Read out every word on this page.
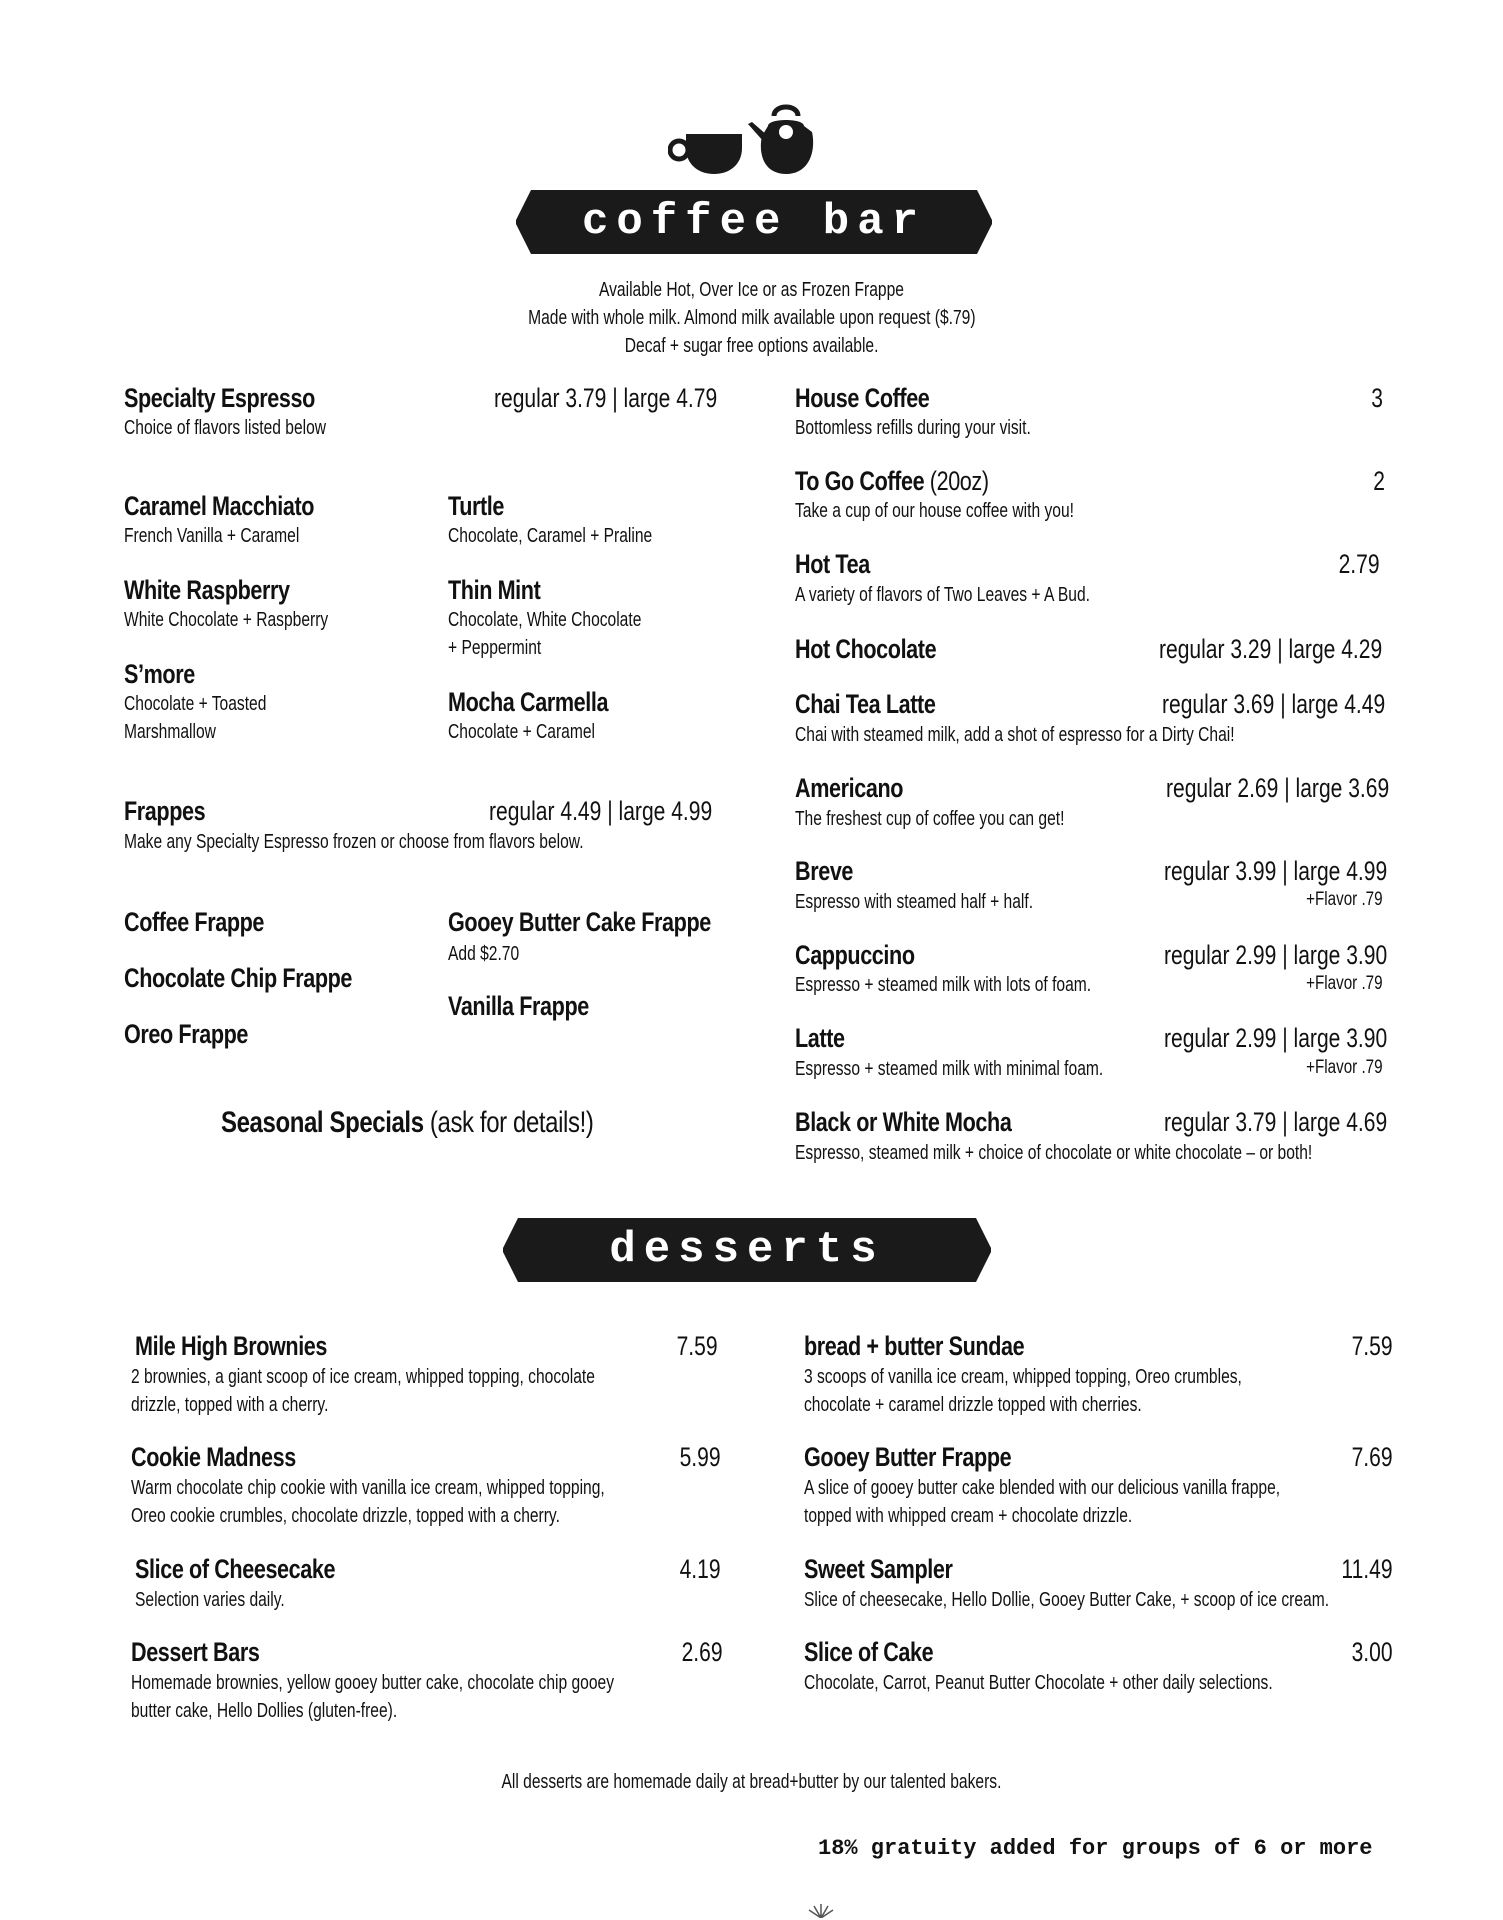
coffee bar
Available Hot, Over Ice or as Frozen Frappe
Made with whole milk. Almond milk available upon request ($.79)
Decaf + sugar free options available.
Specialty Espresso	regular 3.79 | large 4.79
Choice of flavors listed below
Caramel Macchiato
French Vanilla + Caramel
Turtle
Chocolate, Caramel + Praline
White Raspberry
White Chocolate + Raspberry
Thin Mint
Chocolate, White Chocolate
+ Peppermint
S’more
Chocolate + Toasted
Marshmallow
Mocha Carmella
Chocolate + Caramel
Frappes	regular 4.49 | large 4.99
Make any Specialty Espresso frozen or choose from flavors below.
Coffee Frappe
Chocolate Chip Frappe
Oreo Frappe
Gooey Butter Cake Frappe
Add $2.70
Vanilla Frappe
Seasonal Specials (ask for details!)
House Coffee	3
Bottomless refills during your visit.
To Go Coffee (20oz)	2
Take a cup of our house coffee with you!
Hot Tea	2.79
A variety of flavors of Two Leaves + A Bud.
Hot Chocolate	regular 3.29 | large 4.29
Chai Tea Latte	regular 3.69 | large 4.49
Chai with steamed milk, add a shot of espresso for a Dirty Chai!
Americano	regular 2.69 | large 3.69
The freshest cup of coffee you can get!
Breve	regular 3.99 | large 4.99
Espresso with steamed half + half.	+Flavor .79
Cappuccino	regular 2.99 | large 3.90
Espresso + steamed milk with lots of foam.	+Flavor .79
Latte	regular 2.99 | large 3.90
Espresso + steamed milk with minimal foam.	+Flavor .79
Black or White Mocha	regular 3.79 | large 4.69
Espresso, steamed milk + choice of chocolate or white chocolate – or both!
desserts
Mile High Brownies	7.59
2 brownies, a giant scoop of ice cream, whipped topping, chocolate
drizzle, topped with a cherry.
Cookie Madness	5.99
Warm chocolate chip cookie with vanilla ice cream, whipped topping,
Oreo cookie crumbles, chocolate drizzle, topped with a cherry.
Slice of Cheesecake	4.19
Selection varies daily.
Dessert Bars	2.69
Homemade brownies, yellow gooey butter cake, chocolate chip gooey
butter cake, Hello Dollies (gluten-free).
bread + butter Sundae	7.59
3 scoops of vanilla ice cream, whipped topping, Oreo crumbles,
chocolate + caramel drizzle topped with cherries.
Gooey Butter Frappe	7.69
A slice of gooey butter cake blended with our delicious vanilla frappe,
topped with whipped cream + chocolate drizzle.
Sweet Sampler	11.49
Slice of cheesecake, Hello Dollie, Gooey Butter Cake, + scoop of ice cream.
Slice of Cake	3.00
Chocolate, Carrot, Peanut Butter Chocolate + other daily selections.
All desserts are homemade daily at bread+butter by our talented bakers.
18% gratuity added for groups of 6 or more
